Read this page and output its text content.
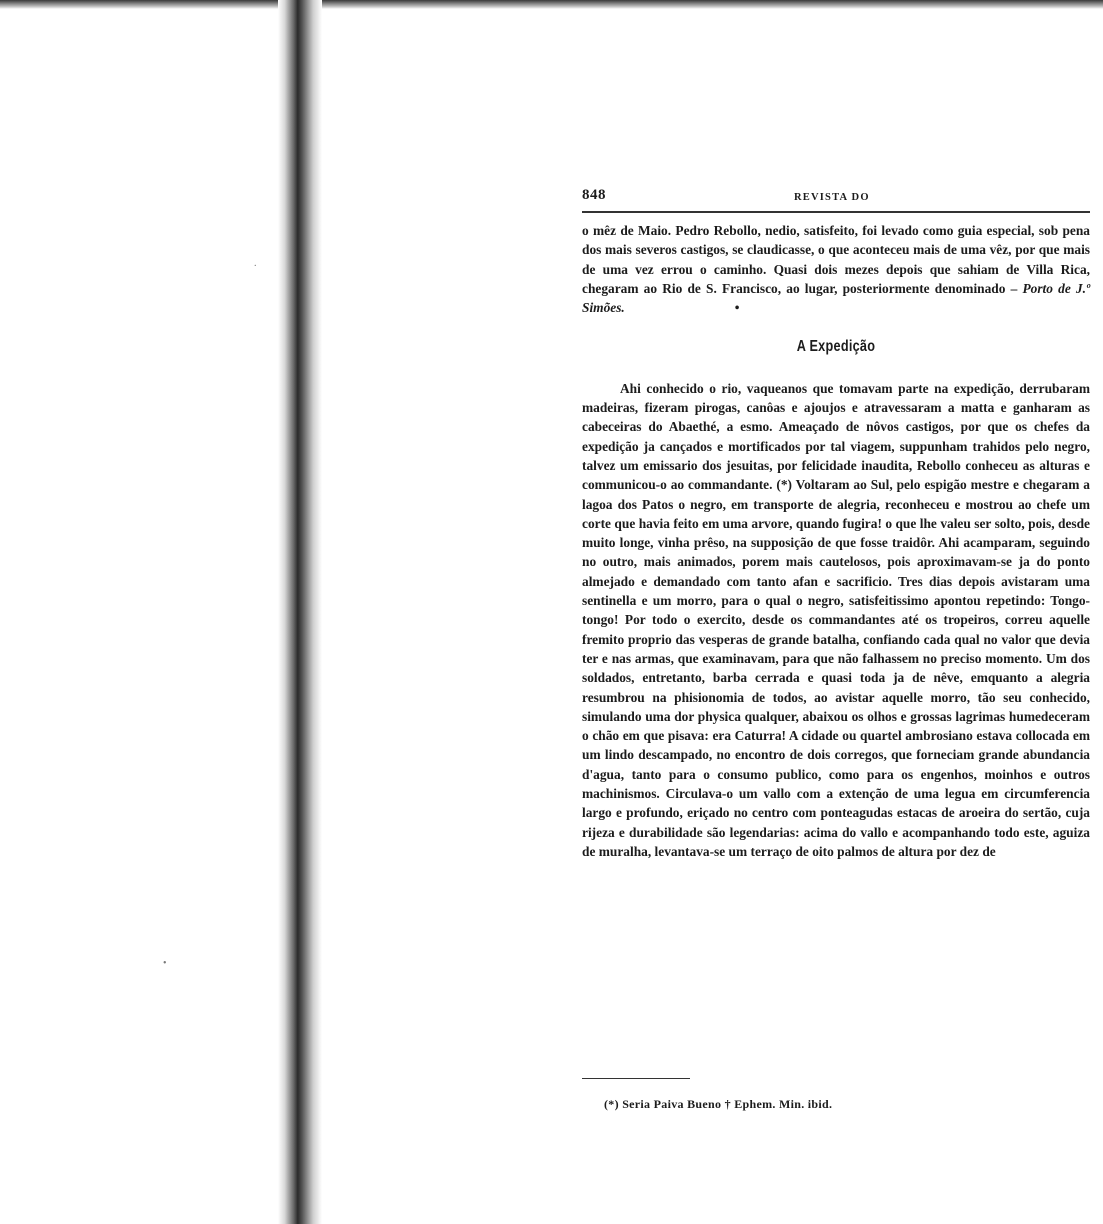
.
•
848	REVISTA DO

o mêz de Maio. Pedro Rebollo, nedio, satisfeito, foi levado como guia especial, sob pena dos mais severos castigos, se claudicasse, o que aconteceu mais de uma vêz, por que mais de uma vez errou o caminho. Quasi dois mezes depois que sahiam de Villa Rica, chegaram ao Rio de S. Francisco, ao lugar, posteriormente denominado – Porto de J.º Simões.	•

A Expedição

Ahi conhecido o rio, vaqueanos que tomavam parte na expedição, derrubaram madeiras, fizeram pirogas, canôas e ajoujos e atravessaram a matta e ganharam as cabeceiras do Abaethé, a esmo. Ameaçado de nôvos castigos, por que os chefes da expedição ja cançados e mortificados por tal viagem, suppunham trahidos pelo negro, talvez um emissario dos jesuitas, por felicidade inaudita, Rebollo conheceu as alturas e communicou-o ao commandante. (*) Voltaram ao Sul, pelo espigão mestre e chegaram a lagoa dos Patos o negro, em transporte de alegria, reconheceu e mostrou ao chefe um corte que havia feito em uma arvore, quando fugira! o que lhe valeu ser solto, pois, desde muito longe, vinha prêso, na supposição de que fosse traidôr. Ahi acamparam, seguindo no outro, mais animados, porem mais cautelosos, pois aproximavam-se ja do ponto almejado e demandado com tanto afan e sacrificio. Tres dias depois avistaram uma sentinella e um morro, para o qual o negro, satisfeitissimo apontou repetindo: Tongo-tongo! Por todo o exercito, desde os commandantes até os tropeiros, correu aquelle fremito proprio das vesperas de grande batalha, confiando cada qual no valor que devia ter e nas armas, que examinavam, para que não falhassem no preciso momento. Um dos soldados, entretanto, barba cerrada e quasi toda ja de nêve, emquanto a alegria resumbrou na phisionomia de todos, ao avistar aquelle morro, tão seu conhecido, simulando uma dor physica qualquer, abaixou os olhos e grossas lagrimas humedeceram o chão em que pisava: era Caturra! A cidade ou quartel ambrosiano estava collocada em um lindo descampado, no encontro de dois corregos, que forneciam grande abundancia d'agua, tanto para o consumo publico, como para os engenhos, moinhos e outros machinismos. Circulava-o um vallo com a extenção de uma legua em circumferencia largo e profundo, eriçado no centro com ponteagudas estacas de aroeira do sertão, cuja rijeza e durabilidade são legendarias: acima do vallo e acompanhando todo este, aguiza de muralha, levantava-se um terraço de oito palmos de altura por dez de

(*) Seria Paiva Bueno † Ephem. Min. ibid.
